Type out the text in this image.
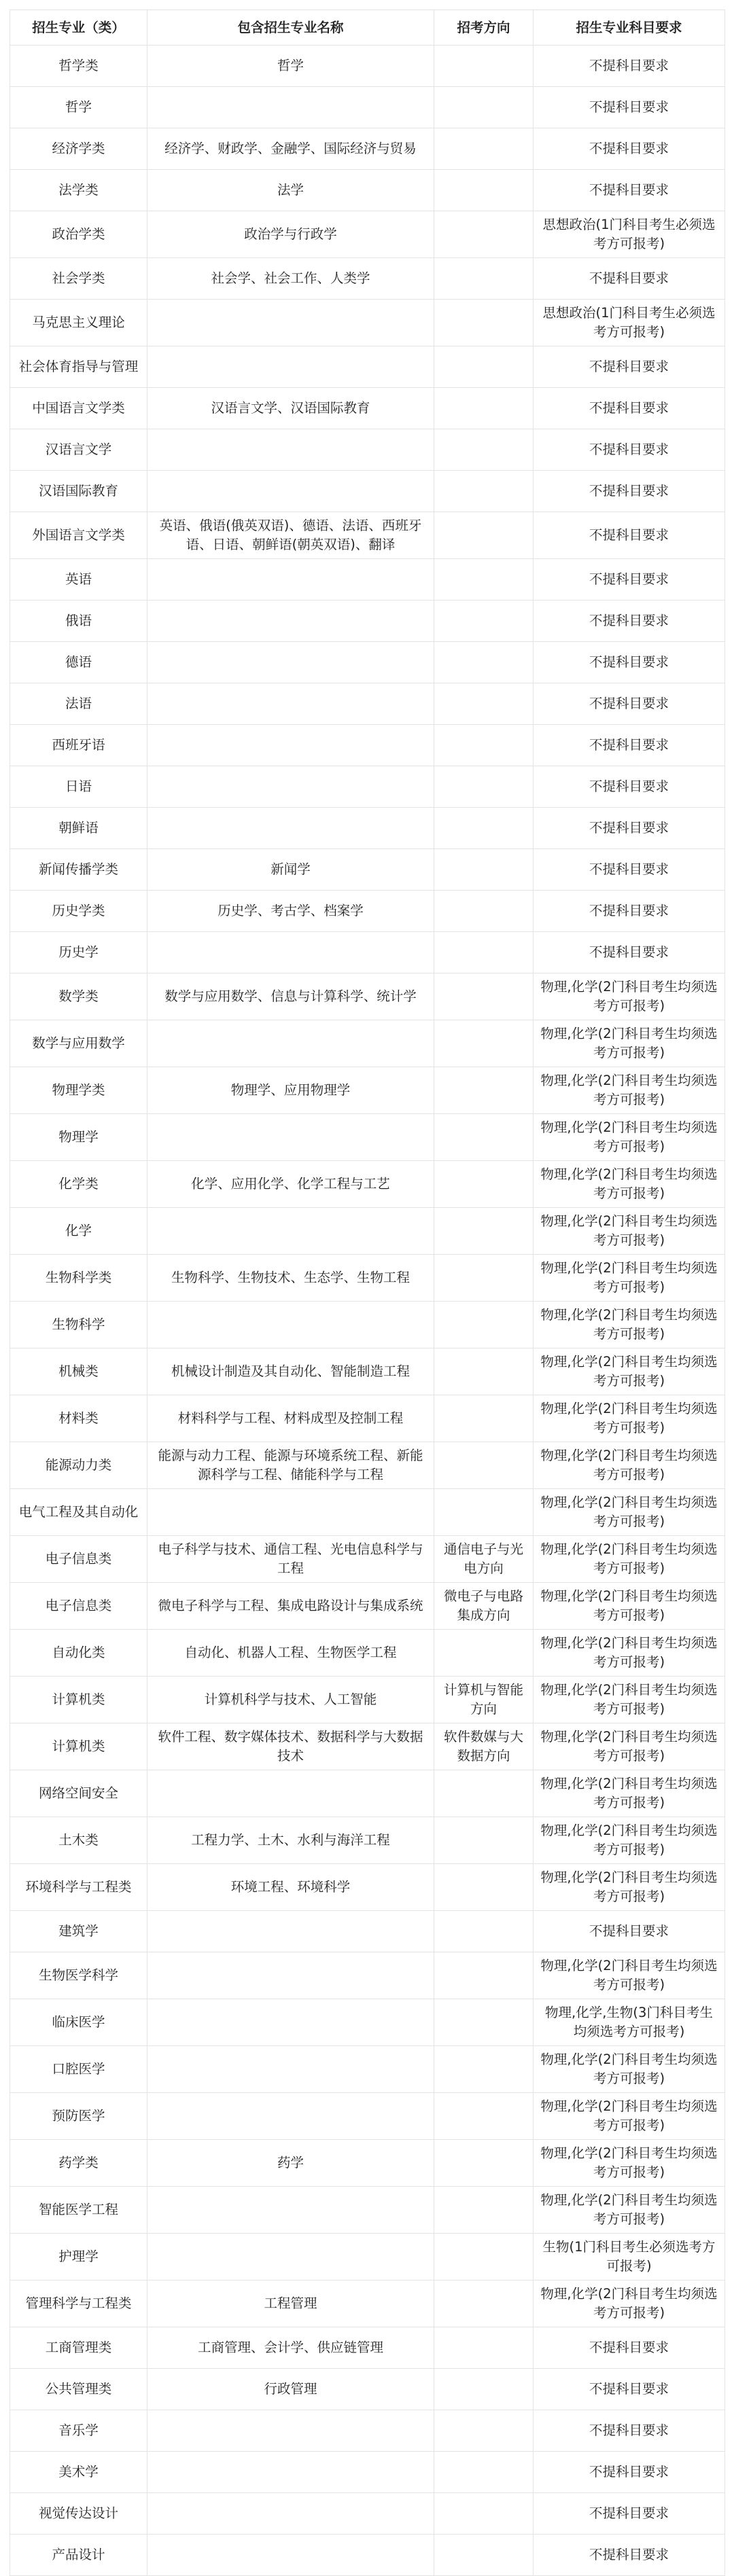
招生专业（类）	包含招生专业名称	招考方向	招生专业科目要求
哲学类	哲学		不提科目要求
哲学			不提科目要求
经济学类	经济学、财政学、金融学、国际经济与贸易		不提科目要求
法学类	法学		不提科目要求
政治学类	政治学与行政学		思想政治(1门科目考生必须选考方可报考)
社会学类	社会学、社会工作、人类学		不提科目要求
马克思主义理论			思想政治(1门科目考生必须选考方可报考)
社会体育指导与管理			不提科目要求
中国语言文学类	汉语言文学、汉语国际教育		不提科目要求
汉语言文学			不提科目要求
汉语国际教育			不提科目要求
外国语言文学类	英语、俄语(俄英双语)、德语、法语、西班牙语、日语、朝鲜语(朝英双语)、翻译		不提科目要求
英语			不提科目要求
俄语			不提科目要求
德语			不提科目要求
法语			不提科目要求
西班牙语			不提科目要求
日语			不提科目要求
朝鲜语			不提科目要求
新闻传播学类	新闻学		不提科目要求
历史学类	历史学、考古学、档案学		不提科目要求
历史学			不提科目要求
数学类	数学与应用数学、信息与计算科学、统计学		物理,化学(2门科目考生均须选考方可报考)
数学与应用数学			物理,化学(2门科目考生均须选考方可报考)
物理学类	物理学、应用物理学		物理,化学(2门科目考生均须选考方可报考)
物理学			物理,化学(2门科目考生均须选考方可报考)
化学类	化学、应用化学、化学工程与工艺		物理,化学(2门科目考生均须选考方可报考)
化学			物理,化学(2门科目考生均须选考方可报考)
生物科学类	生物科学、生物技术、生态学、生物工程		物理,化学(2门科目考生均须选考方可报考)
生物科学			物理,化学(2门科目考生均须选考方可报考)
机械类	机械设计制造及其自动化、智能制造工程		物理,化学(2门科目考生均须选考方可报考)
材料类	材料科学与工程、材料成型及控制工程		物理,化学(2门科目考生均须选考方可报考)
能源动力类	能源与动力工程、能源与环境系统工程、新能源科学与工程、储能科学与工程		物理,化学(2门科目考生均须选考方可报考)
电气工程及其自动化			物理,化学(2门科目考生均须选考方可报考)
电子信息类	电子科学与技术、通信工程、光电信息科学与工程	通信电子与光电方向	物理,化学(2门科目考生均须选考方可报考)
电子信息类	微电子科学与工程、集成电路设计与集成系统	微电子与电路集成方向	物理,化学(2门科目考生均须选考方可报考)
自动化类	自动化、机器人工程、生物医学工程		物理,化学(2门科目考生均须选考方可报考)
计算机类	计算机科学与技术、人工智能	计算机与智能方向	物理,化学(2门科目考生均须选考方可报考)
计算机类	软件工程、数字媒体技术、数据科学与大数据技术	软件数媒与大数据方向	物理,化学(2门科目考生均须选考方可报考)
网络空间安全			物理,化学(2门科目考生均须选考方可报考)
土木类	工程力学、土木、水利与海洋工程		物理,化学(2门科目考生均须选考方可报考)
环境科学与工程类	环境工程、环境科学		物理,化学(2门科目考生均须选考方可报考)
建筑学			不提科目要求
生物医学科学			物理,化学(2门科目考生均须选考方可报考)
临床医学			物理,化学,生物(3门科目考生均须选考方可报考)
口腔医学			物理,化学(2门科目考生均须选考方可报考)
预防医学			物理,化学(2门科目考生均须选考方可报考)
药学类	药学		物理,化学(2门科目考生均须选考方可报考)
智能医学工程			物理,化学(2门科目考生均须选考方可报考)
护理学			生物(1门科目考生必须选考方可报考)
管理科学与工程类	工程管理		物理,化学(2门科目考生均须选考方可报考)
工商管理类	工商管理、会计学、供应链管理		不提科目要求
公共管理类	行政管理		不提科目要求
音乐学			不提科目要求
美术学			不提科目要求
视觉传达设计			不提科目要求
产品设计			不提科目要求
